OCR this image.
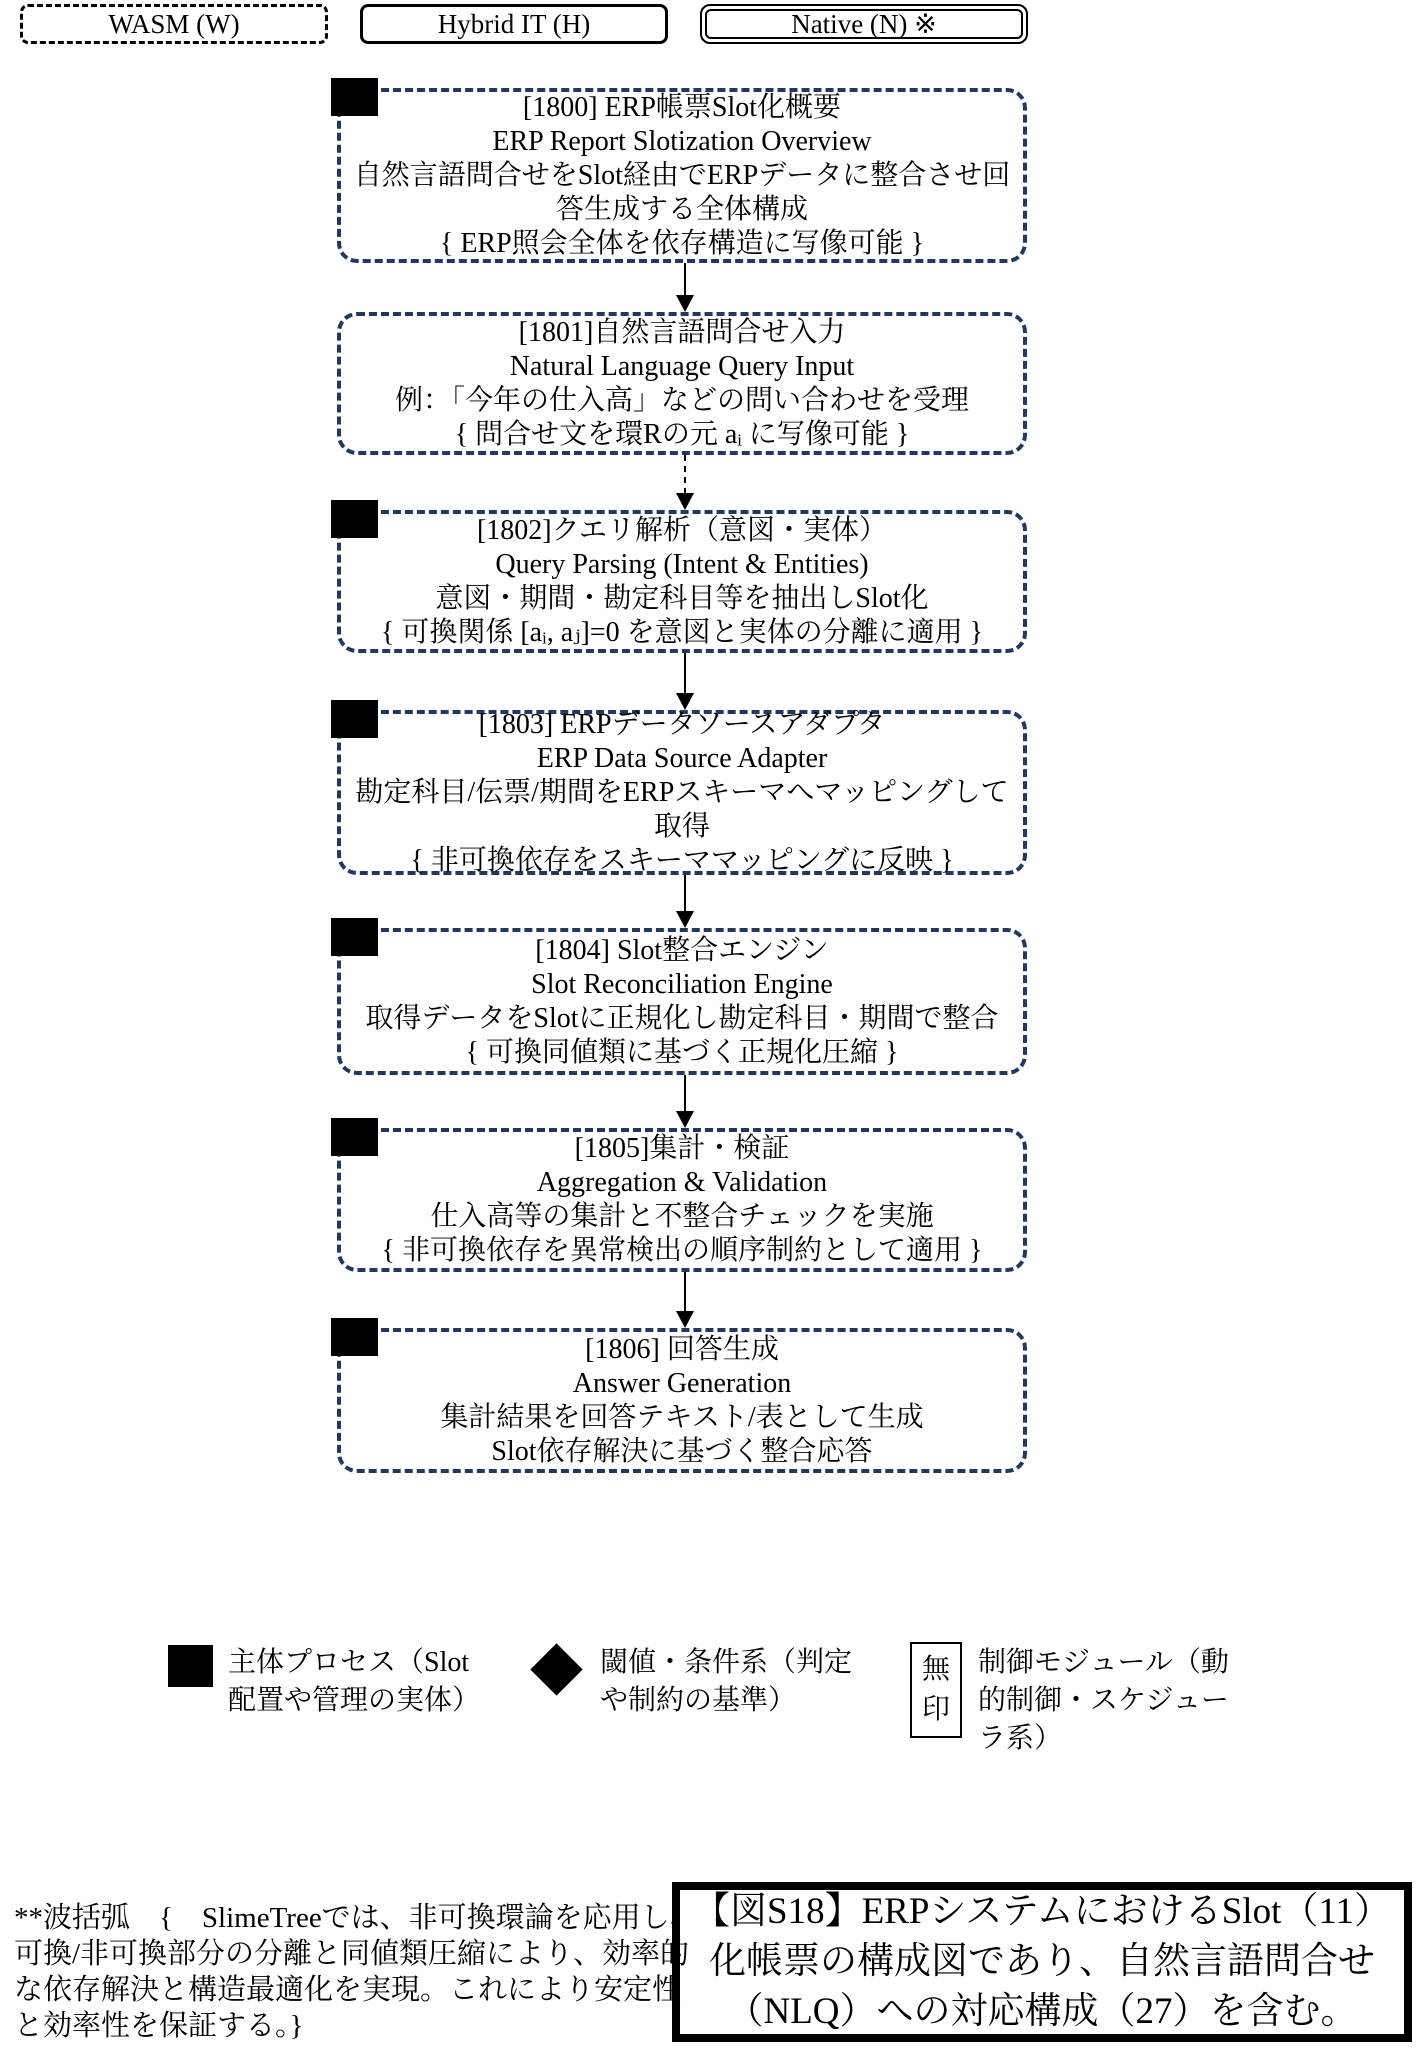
WASM (W)	Hybrid IT (H)	Native (N) ※
[1800] ERP帳票Slot化概要
ERP Report Slotization Overview
自然言語問合せをSlot経由でERPデータに整合させ回
答生成する全体構成
{ ERP照会全体を依存構造に写像可能 }
[1801]自然言語問合せ入力
Natural Language Query Input
例：「今年の仕入高」などの問い合わせを受理
{ 問合せ文を環Rの元 aᵢ に写像可能 }
[1802]クエリ解析（意図・実体）
Query Parsing (Intent & Entities)
意図・期間・勘定科目等を抽出しSlot化
{ 可換関係 [aᵢ, aⱼ]=0 を意図と実体の分離に適用 }
[1803] ERPデータソースアダプタ
ERP Data Source Adapter
勘定科目/伝票/期間をERPスキーマへマッピングして
取得
{ 非可換依存をスキーママッピングに反映 }
[1804] Slot整合エンジン
Slot Reconciliation Engine
取得データをSlotに正規化し勘定科目・期間で整合
{ 可換同値類に基づく正規化圧縮 }
[1805]集計・検証
Aggregation & Validation
仕入高等の集計と不整合チェックを実施
{ 非可換依存を異常検出の順序制約として適用 }
[1806] 回答生成
Answer Generation
集計結果を回答テキスト/表として生成
Slot依存解決に基づく整合応答
主体プロセス（Slot
配置や管理の実体）
閾値・条件系（判定
や制約の基準）
無
印
制御モジュール（動
的制御・スケジュー
ラ系）
**波括弧　{　SlimeTreeでは、非可換環論を応用し、
可換/非可換部分の分離と同値類圧縮により、効率的
な依存解決と構造最適化を実現。これにより安定性
と効率性を保証する。}
【図S18】ERPシステムにおけるSlot（11）
化帳票の構成図であり、自然言語問合せ
（NLQ）への対応構成（27）を含む。
